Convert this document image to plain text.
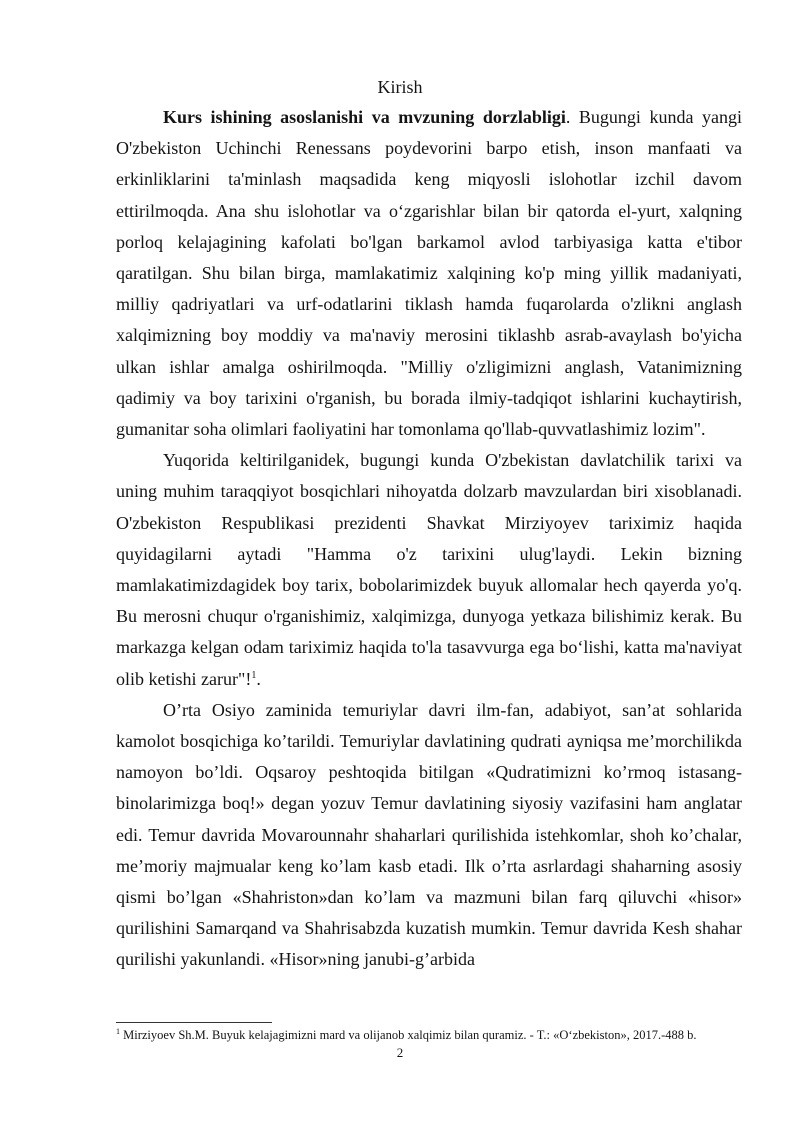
Kirish

Kurs ishining asoslanishi va mvzuning dorzlabligi. Bugungi kunda yangi O'zbekiston Uchinchi Renessans poydevorini barpo etish, inson manfaati va erkinliklarini ta'minlash maqsadida keng miqyosli islohotlar izchil davom ettirilmoqda. Ana shu islohotlar va oʻzgarishlar bilan bir qatorda el-yurt, xalqning porloq kelajagining kafolati bo'lgan barkamol avlod tarbiyasiga katta e'tibor qaratilgan. Shu bilan birga, mamlakatimiz xalqining ko'p ming yillik madaniyati, milliy qadriyatlari va urf-odatlarini tiklash hamda fuqarolarda o'zlikni anglash xalqimizning boy moddiy va ma'naviy merosini tiklashb asrab-avaylash bo'yicha ulkan ishlar amalga oshirilmoqda. "Milliy o'zligimizni anglash, Vatanimizning qadimiy va boy tarixini o'rganish, bu borada ilmiy-tadqiqot ishlarini kuchaytirish, gumanitar soha olimlari faoliyatini har tomonlama qo'llab-quvvatlashimiz lozim".

Yuqorida keltirilganidek, bugungi kunda O'zbekistan davlatchilik tarixi va uning muhim taraqqiyot bosqichlari nihoyatda dolzarb mavzulardan biri xisoblanadi. O'zbekiston Respublikasi prezidenti Shavkat Mirziyoyev tariximiz haqida quyidagilarni aytadi "Hamma o'z tarixini ulug'laydi. Lekin bizning mamlakatimizdagidek boy tarix, bobolarimizdek buyuk allomalar hech qayerda yo'q. Bu merosni chuqur o'rganishimiz, xalqimizga, dunyoga yetkaza bilishimiz kerak. Bu markazga kelgan odam tariximiz haqida to'la tasavvurga ega boʻlishi, katta ma'naviyat olib ketishi zarur"!$^1$.

O’rta Osiyo zaminida temuriylar davri ilm-fan, adabiyot, san’at sohlarida kamolot bosqichiga ko’tarildi. Temuriylar davlatining qudrati ayniqsa me’morchilikda namoyon bo’ldi. Oqsaroy peshtoqida bitilgan «Qudratimizni ko’rmoq istasang- binolarimizga boq!» degan yozuv Temur davlatining siyosiy vazifasini ham anglatar edi. Temur davrida Movarounnahr shaharlari qurilishida istehkomlar, shoh ko’chalar, me’moriy majmualar keng ko’lam kasb etadi. Ilk o’rta asrlardagi shaharning asosiy qismi bo’lgan «Shahriston»dan ko’lam va mazmuni bilan farq qiluvchi «hisor» qurilishini Samarqand va Shahrisabzda kuzatish mumkin. Temur davrida Kesh shahar qurilishi yakunlandi. «Hisor»ning janubi-g’arbida

$^1$ Mirziyoev Sh.M. Buyuk kelajagimizni mard va olijanob xalqimiz bilan quramiz. - T.: «Oʻzbekiston», 2017.-488 b.
2
